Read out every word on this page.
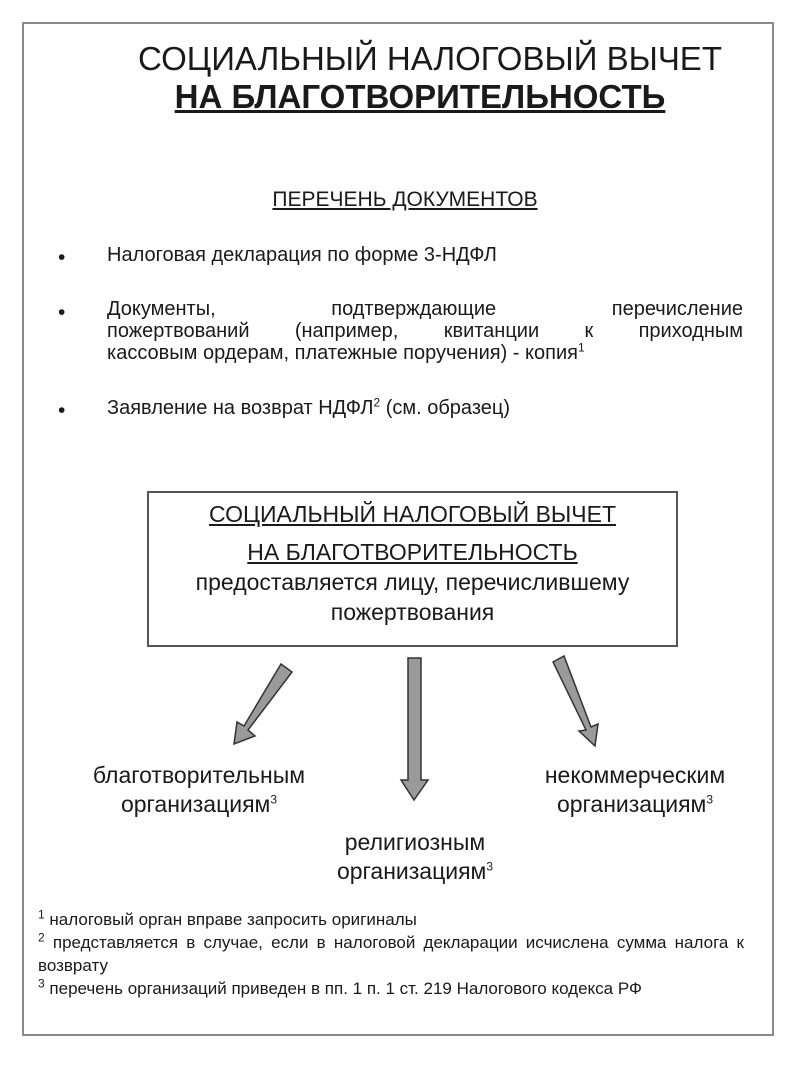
СОЦИАЛЬНЫЙ НАЛОГОВЫЙ ВЫЧЕТ
НА БЛАГОТВОРИТЕЛЬНОСТЬ
ПЕРЕЧЕНЬ ДОКУМЕНТОВ
• Налоговая декларация по форме 3-НДФЛ
• Документы, подтверждающие перечисление
пожертвований (например, квитанции к приходным
кассовым ордерам, платежные поручения) - копия$^1$
• Заявление на возврат НДФЛ$^2$ (см. образец)
СОЦИАЛЬНЫЙ НАЛОГОВЫЙ ВЫЧЕТ
НА БЛАГОТВОРИТЕЛЬНОСТЬ
предоставляется лицу, перечислившему
пожертвования
благотворительным
организациям$^3$
религиозным
организациям$^3$
некоммерческим
организациям$^3$
$^1$ налоговый орган вправе запросить оригиналы
$^2$ представляется в случае, если в налоговой декларации исчислена сумма налога к возврату
$^3$ перечень организаций приведен в пп. 1 п. 1 ст. 219 Налогового кодекса РФ
